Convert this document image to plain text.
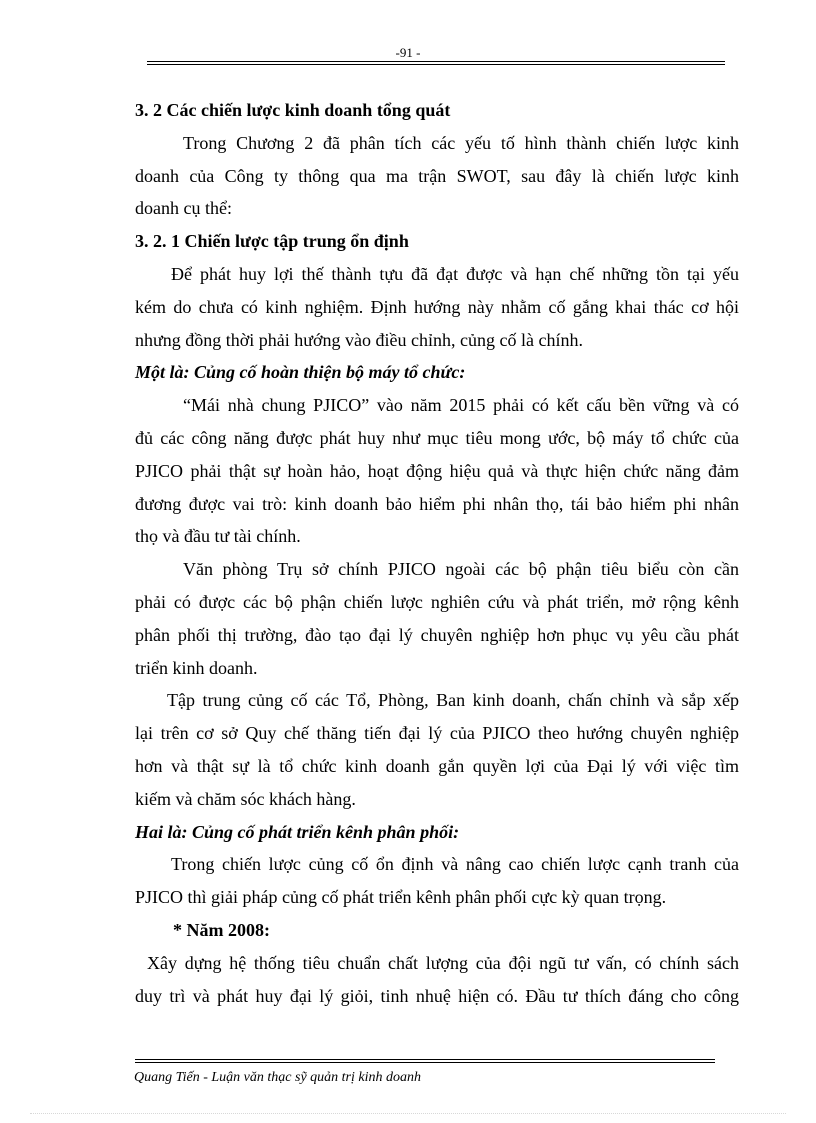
-91 -
3. 2 Các chiến lược kinh doanh tổng quát
Trong Chương 2 đã phân tích các yếu tố hình thành chiến lược kinh
doanh của Công ty thông qua ma trận SWOT, sau đây là chiến lược kinh
doanh cụ thể:
3. 2. 1 Chiến lược tập trung ổn định
Để phát huy lợi thế thành tựu đã đạt được và hạn chế những tồn tại yếu
kém do chưa có kinh nghiệm. Định hướng này nhằm cố gắng khai thác cơ hội
nhưng đồng thời phải hướng vào điều chỉnh, củng cố là chính.
Một là: Củng cố hoàn thiện bộ máy tổ chức:
“Mái nhà chung PJICO” vào năm 2015 phải có kết cấu bền vững và có
đủ các công năng được phát huy như mục tiêu mong ước, bộ máy tổ chức của
PJICO phải thật sự hoàn hảo, hoạt động hiệu quả và thực hiện chức năng đảm
đương được vai trò: kinh doanh bảo hiểm phi nhân thọ, tái bảo hiểm phi nhân
thọ và đầu tư tài chính.
Văn phòng Trụ sở chính PJICO ngoài các bộ phận tiêu biểu còn cần
phải có được các bộ phận chiến lược nghiên cứu và phát triển, mở rộng kênh
phân phối thị trường, đào tạo đại lý chuyên nghiệp hơn phục vụ yêu cầu phát
triển kinh doanh.
Tập trung củng cố các Tổ, Phòng, Ban kinh doanh, chấn chỉnh và sắp xếp
lại trên cơ sở Quy chế thăng tiến đại lý của PJICO theo hướng chuyên nghiệp
hơn và thật sự là tổ chức kinh doanh gắn quyền lợi của Đại lý với việc tìm
kiếm và chăm sóc khách hàng.
Hai là: Củng cố phát triển kênh phân phối:
Trong chiến lược củng cố ổn định và nâng cao chiến lược cạnh tranh của
PJICO thì giải pháp củng cố phát triển kênh phân phối cực kỳ quan trọng.
* Năm 2008:
Xây dựng hệ thống tiêu chuẩn chất lượng của đội ngũ tư vấn, có chính sách
duy trì và phát huy đại lý giỏi, tinh nhuệ hiện có. Đầu tư thích đáng cho công
Quang Tiến - Luận văn thạc sỹ quản trị kinh doanh
